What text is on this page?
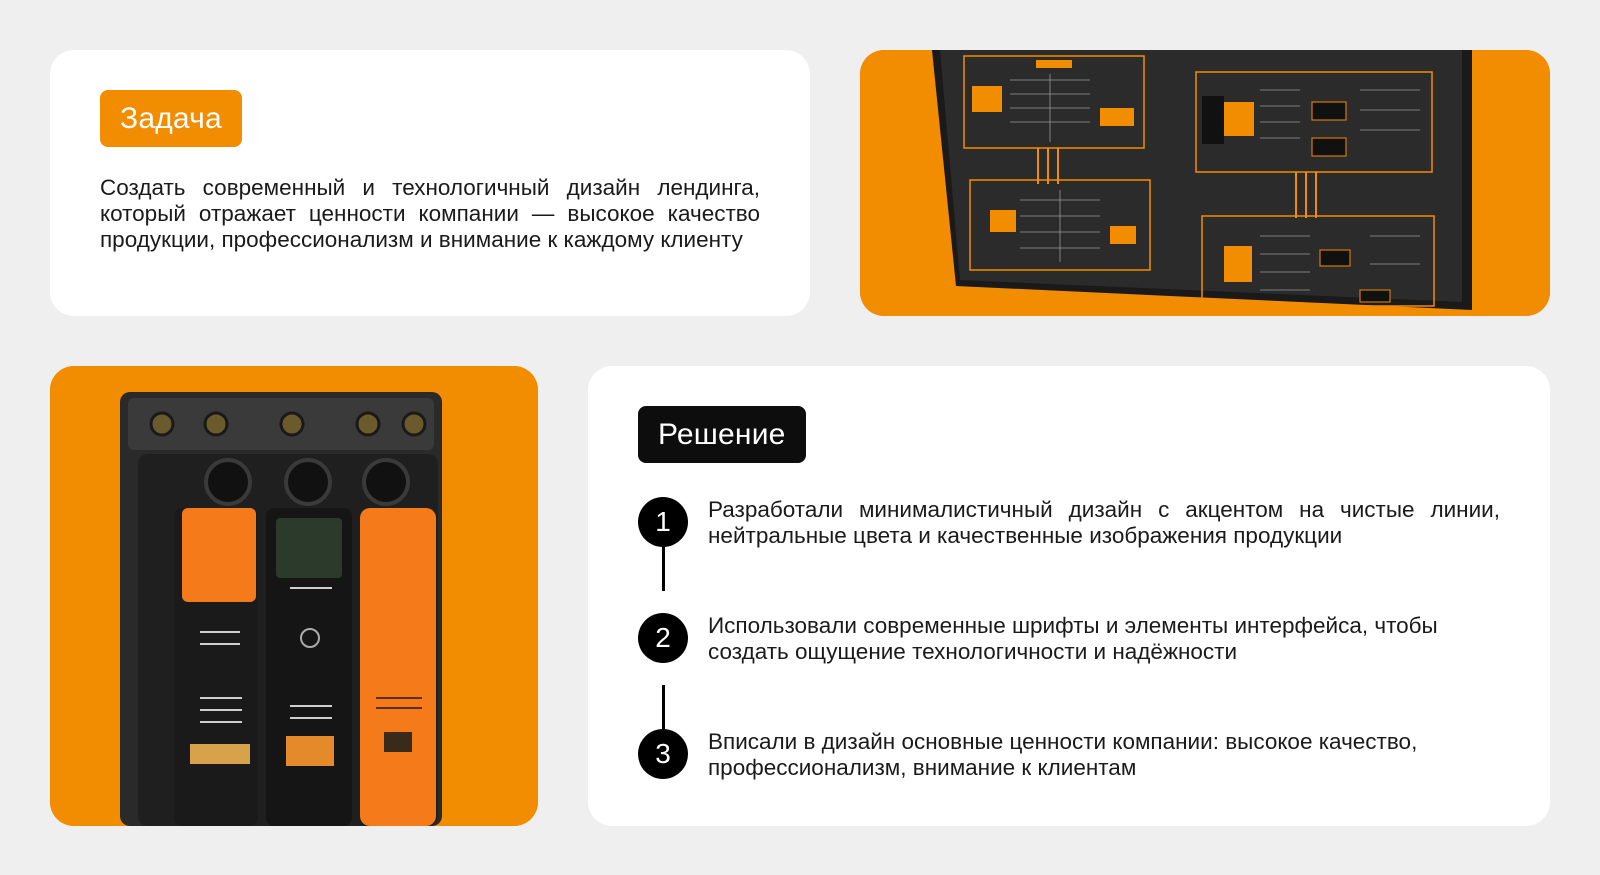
Задача
Создать современный и технологичный дизайн лендинга, который отражает ценности компании — высокое качество продукции, профессионализм и внимание к каждому клиенту
Решение
1	Разработали минималистичный дизайн с акцентом на чистые линии, нейтральные цвета и качественные изображения продукции
2	Использовали современные шрифты и элементы интерфейса, чтобы создать ощущение технологичности и надёжности
3	Вписали в дизайн основные ценности компании: высокое качество, профессионализм, внимание к клиентам
